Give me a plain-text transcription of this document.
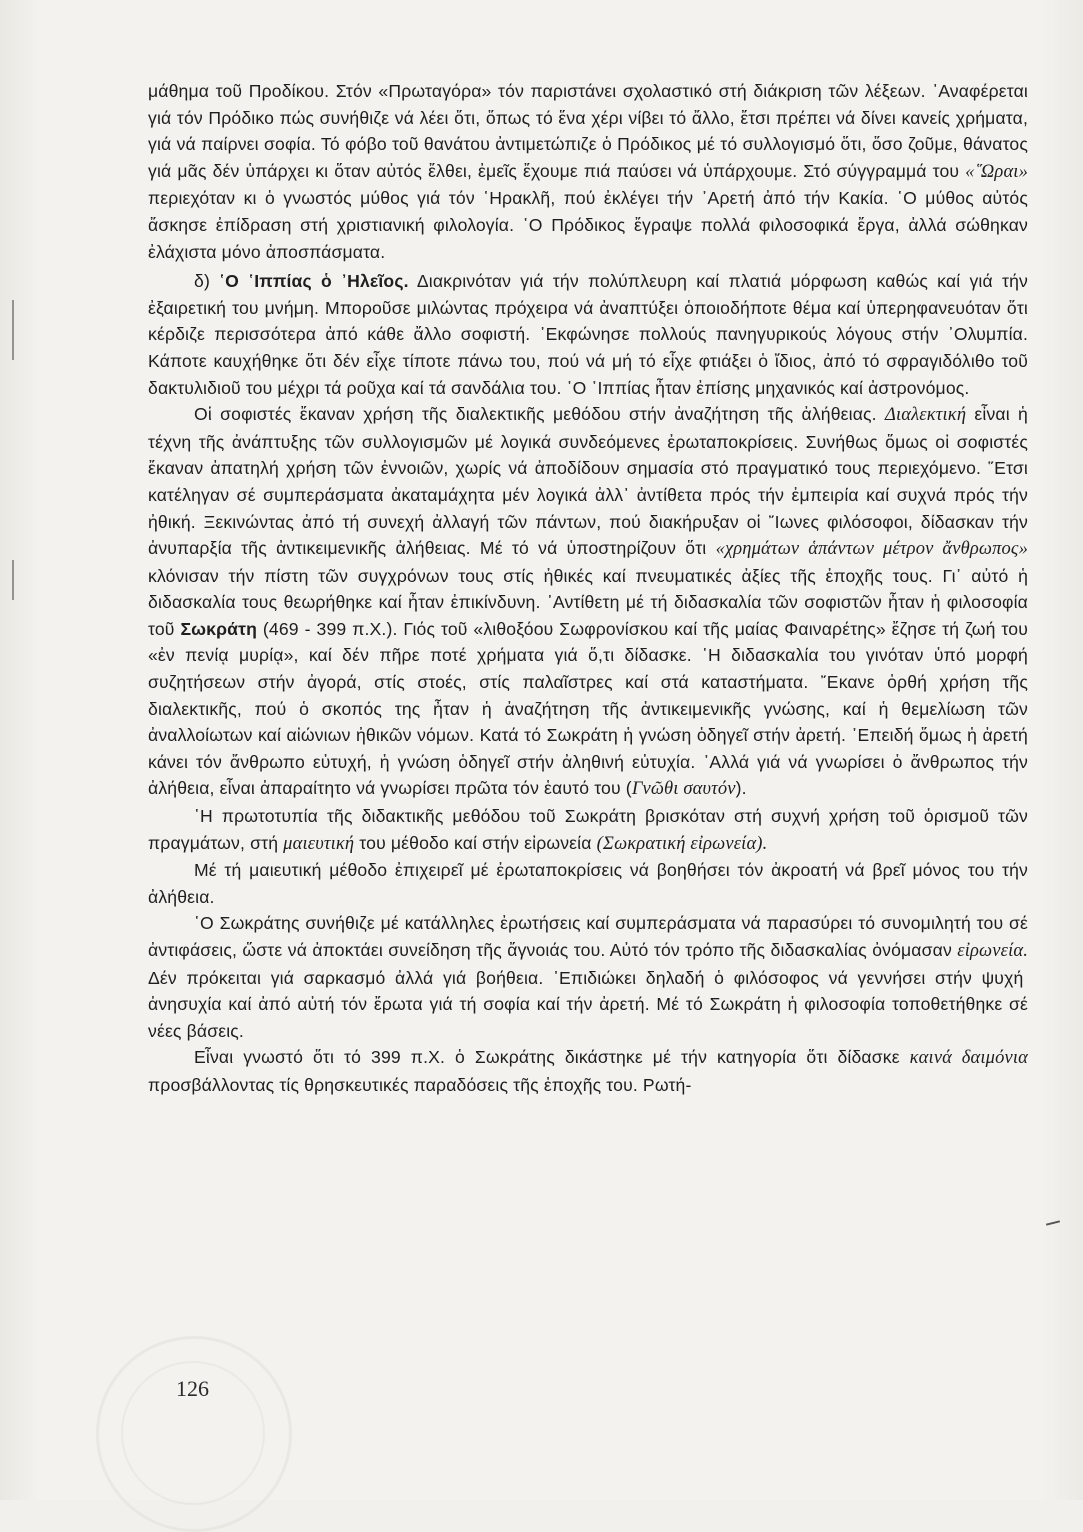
μάθημα τοῦ Προδίκου. Στόν «Πρωταγόρα» τόν παριστάνει σχολαστικό στή διάκριση τῶν λέξεων. ᾿Αναφέρεται γιά τόν Πρόδικο πώς συνήθιζε νά λέει ὅτι, ὅπως τό ἕνα χέρι νίβει τό ἄλλο, ἔτσι πρέπει νά δίνει κανείς χρήματα, γιά νά παίρνει σοφία. Τό φόβο τοῦ θανάτου ἀντιμετώπιζε ὁ Πρόδικος μέ τό συλλογισμό ὅτι, ὅσο ζοῦμε, θάνατος γιά μᾶς δέν ὑπάρχει κι ὅταν αὐτός ἔλθει, ἐμεῖς ἔχουμε πιά παύσει νά ὑπάρχουμε. Στό σύγγραμμά του «῞Ωραι» περιεχόταν κι ὁ γνωστός μύθος γιά τόν ῾Ηρακλῆ, πού ἐκλέγει τήν ᾿Αρετή ἀπό τήν Κακία. ῾Ο μύθος αὐτός ἄσκησε ἐπίδραση στή χριστιανική φιλολογία. ῾Ο Πρόδικος ἔγραψε πολλά φιλοσοφικά ἔργα, ἀλλά σώθηκαν ἐλάχιστα μόνο ἀποσπάσματα.

δ) ῾Ο ῾Ιππίας ὁ ᾿Ηλεῖος. Διακρινόταν γιά τήν πολύπλευρη καί πλατιά μόρφωση καθώς καί γιά τήν ἐξαιρετική του μνήμη. Μποροῦσε μιλώντας πρόχειρα νά ἀναπτύξει ὁποιοδήποτε θέμα καί ὑπερηφανευόταν ὅτι κέρδιζε περισσότερα ἀπό κάθε ἄλλο σοφιστή. ᾿Εκφώνησε πολλούς πανηγυρικούς λόγους στήν ᾿Ολυμπία. Κάποτε καυχήθηκε ὅτι δέν εἶχε τίποτε πάνω του, πού νά μή τό εἶχε φτιάξει ὁ ἴδιος, ἀπό τό σφραγιδόλιθο τοῦ δακτυλιδιοῦ του μέχρι τά ροῦχα καί τά σανδάλια του. ῾Ο ῾Ιππίας ἦταν ἐπίσης μηχανικός καί ἀστρονόμος.

Οἱ σοφιστές ἔκαναν χρήση τῆς διαλεκτικῆς μεθόδου στήν ἀναζήτηση τῆς ἀλήθειας. Διαλεκτική εἶναι ἡ τέχνη τῆς ἀνάπτυξης τῶν συλλογισμῶν μέ λογικά συνδεόμενες ἐρωταποκρίσεις. Συνήθως ὅμως οἱ σοφιστές ἔκαναν ἀπατηλή χρήση τῶν ἐννοιῶν, χωρίς νά ἀποδίδουν σημασία στό πραγματικό τους περιεχόμενο. ῞Ετσι κατέληγαν σέ συμπεράσματα ἀκαταμάχητα μέν λογικά ἀλλ᾿ ἀντίθετα πρός τήν ἐμπειρία καί συχνά πρός τήν ἠθική. Ξεκινώντας ἀπό τή συνεχή ἀλλαγή τῶν πάντων, πού διακήρυξαν οἱ ῎Ιωνες φιλόσοφοι, δίδασκαν τήν ἀνυπαρξία τῆς ἀντικειμενικῆς ἀλήθειας. Μέ τό νά ὑποστηρίζουν ὅτι «χρημάτων ἁπάντων μέτρον ἄνθρωπος» κλόνισαν τήν πίστη τῶν συγχρόνων τους στίς ἠθικές καί πνευματικές ἀξίες τῆς ἐποχῆς τους. Γι᾿ αὐτό ἡ διδασκαλία τους θεωρήθηκε καί ἦταν ἐπικίνδυνη. ᾿Αντίθετη μέ τή διδασκαλία τῶν σοφιστῶν ἦταν ἡ φιλοσοφία τοῦ Σωκράτη (469 - 399 π.Χ.). Γιός τοῦ «λιθοξόου Σωφρονίσκου καί τῆς μαίας Φαιναρέτης» ἔζησε τή ζωή του «ἐν πενίᾳ μυρίᾳ», καί δέν πῆρε ποτέ χρήματα γιά ὅ,τι δίδασκε. ῾Η διδασκαλία του γινόταν ὑπό μορφή συζητήσεων στήν ἀγορά, στίς στοές, στίς παλαῖστρες καί στά καταστήματα. ῎Εκανε ὀρθή χρήση τῆς διαλεκτικῆς, πού ὁ σκοπός της ἦταν ἡ ἀναζήτηση τῆς ἀντικειμενικῆς γνώσης, καί ἡ θεμελίωση τῶν ἀναλλοίωτων καί αἰώνιων ἠθικῶν νόμων. Κατά τό Σωκράτη ἡ γνώση ὁδηγεῖ στήν ἀρετή. ᾿Επειδή ὅμως ἡ ἀρετή κάνει τόν ἄνθρωπο εὐτυχή, ἡ γνώση ὁδηγεῖ στήν ἀληθινή εὐτυχία. ᾿Αλλά γιά νά γνωρίσει ὁ ἄνθρωπος τήν ἀλήθεια, εἶναι ἀπαραίτητο νά γνωρίσει πρῶτα τόν ἑαυτό του (Γνῶθι σαυτόν).

῾Η πρωτοτυπία τῆς διδακτικῆς μεθόδου τοῦ Σωκράτη βρισκόταν στή συχνή χρήση τοῦ ὁρισμοῦ τῶν πραγμάτων, στή μαιευτική του μέθοδο καί στήν εἰρωνεία (Σωκρατική εἰρωνεία).

Μέ τή μαιευτική μέθοδο ἐπιχειρεῖ μέ ἐρωταποκρίσεις νά βοηθήσει τόν ἀκροατή νά βρεῖ μόνος του τήν ἀλήθεια.

῾Ο Σωκράτης συνήθιζε μέ κατάλληλες ἐρωτήσεις καί συμπεράσματα νά παρασύρει τό συνομιλητή του σέ ἀντιφάσεις, ὥστε νά ἀποκτάει συνείδηση τῆς ἄγνοιάς του. Αὐτό τόν τρόπο τῆς διδασκαλίας ὀνόμασαν εἰρωνεία. Δέν πρόκειται γιά σαρκασμό ἀλλά γιά βοήθεια. ᾿Επιδιώκει δηλαδή ὁ φιλόσοφος νά γεννήσει στήν ψυχή ἀνησυχία καί ἀπό αὐτή τόν ἔρωτα γιά τή σοφία καί τήν ἀρετή. Μέ τό Σωκράτη ἡ φιλοσοφία τοποθετήθηκε σέ νέες βάσεις.

Εἶναι γνωστό ὅτι τό 399 π.Χ. ὁ Σωκράτης δικάστηκε μέ τήν κατηγορία ὅτι δίδασκε καινά δαιμόνια προσβάλλοντας τίς θρησκευτικές παραδόσεις τῆς ἐποχῆς του. Ρωτή-

126
